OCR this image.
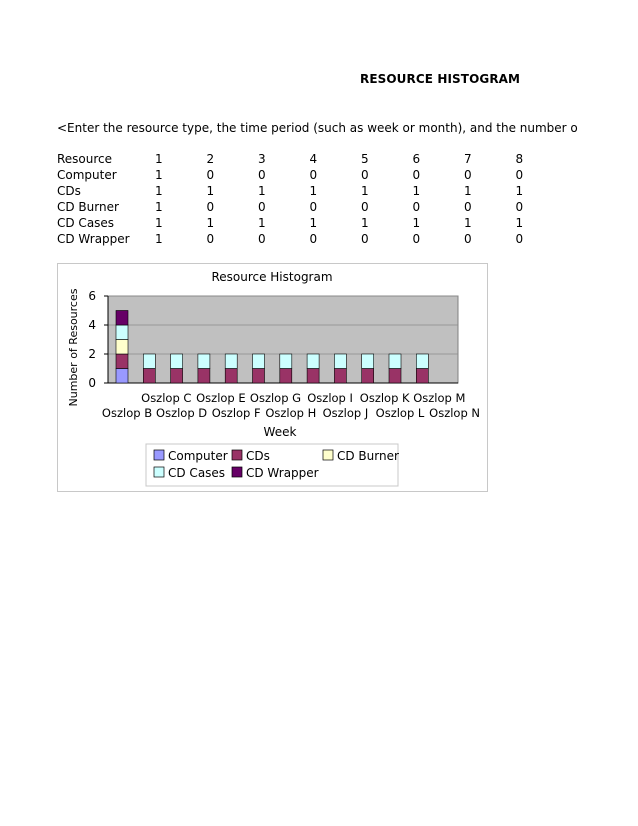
RESOURCE HISTOGRAM
<Enter the resource type, the time period (such as week or month), and the number o
Resource	1	2	3	4	5	6	7	8
Computer	1	0	0	0	0	0	0	0
CDs	1	1	1	1	1	1	1	1
CD Burner	1	0	0	0	0	0	0	0
CD Cases	1	1	1	1	1	1	1	1
CD Wrapper	1	0	0	0	0	0	0	0
Resource Histogram
0
2
4
6
Number of Resources
Oszlop B
Oszlop C
Oszlop D
Oszlop E
Oszlop F
Oszlop G
Oszlop H
Oszlop I
Oszlop J
Oszlop K
Oszlop L
Oszlop M
Oszlop N
Week
Computer CDs	CD Burner
CD Cases CD Wrapper
